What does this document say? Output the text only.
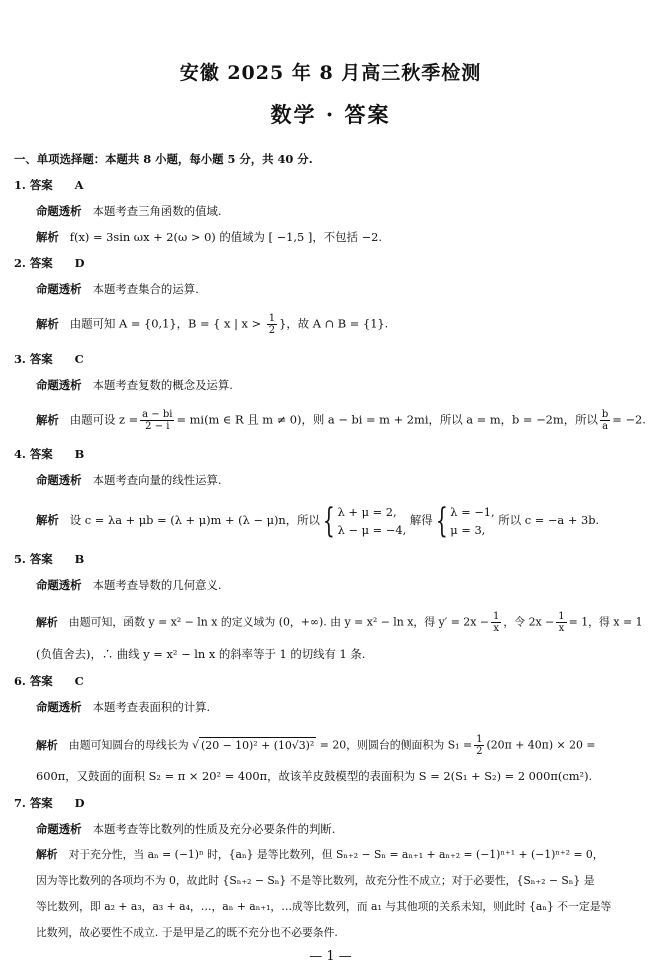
安徽 2025 年 8 月高三秋季检测
数学 · 答案
一、单项选择题：本题共 8 小题，每小题 5 分，共 40 分.
1. 答案 A
命题透析 本题考查三角函数的值域.
解析 f(x) = 3sin ωx + 2(ω > 0) 的值域为 [ −1,5 ]，不包括 −2.
2. 答案 D
命题透析 本题考查集合的运算.
解析 由题可知 A = {0,1}，B = { x | $x > \frac{1}{2}$ }，故 A ∩ B = {1}.
3. 答案 C
命题透析 本题考查复数的概念及运算.
解析 由题可设 $z = \frac{a - bi}{2 - i} = mi(m$ ∈ R 且 m ≠ 0)，则 a − bi = m + 2mi，所以 a = m，b = −2m，所以 $\frac{b}{a} = -2$.
4. 答案 B
命题透析 本题考查向量的线性运算.
解析 设 c = λa + μb = (λ + μ)m + (λ − μ)n，所以{ λ + μ = 2,
λ − μ = −4,
解得{ λ = −1,
μ = 3,
所以 c = −a + 3b.
5. 答案 B
命题透析 本题考查导数的几何意义.
解析 由题可知，函数 y = x² − ln x 的定义域为 (0，+∞). 由 y = x² − ln x，得 $y' = 2x - \frac{1}{x}$ ，令 $2x - \frac{1}{x} = 1$，得 x = 1
(负值舍去)，∴ 曲线 y = x² − ln x 的斜率等于 1 的切线有 1 条.
6. 答案 C
命题透析 本题考查表面积的计算.
解析 由题可知圆台的母线长为 √ (20 − 10)² + (10√3)² = 20，则圆台的侧面积为 $S_1 = \frac{1}{2} (20\pi + 40\pi) \times 20$ =
600π，又鼓面的面积 S₂ = π × 20² = 400π，故该羊皮鼓模型的表面积为 S = 2(S₁ + S₂) = 2 000π(cm²).
7. 答案 D
命题透析 本题考查等比数列的性质及充分必要条件的判断.
解析 对于充分性，当 aₙ = (−1)ⁿ 时，{aₙ} 是等比数列，但 Sₙ₊₂ − Sₙ = aₙ₊₁ + aₙ₊₂ = (−1)ⁿ⁺¹ + (−1)ⁿ⁺² = 0，
因为等比数列的各项均不为 0，故此时 {Sₙ₊₂ − Sₙ} 不是等比数列，故充分性不成立；对于必要性，{Sₙ₊₂ − Sₙ} 是
等比数列，即 a₂ + a₃，a₃ + a₄，…，aₙ + aₙ₊₁，…成等比数列，而 a₁ 与其他项的关系未知，则此时 {aₙ} 不一定是等
比数列，故必要性不成立. 于是甲是乙的既不充分也不必要条件.
— 1 —
